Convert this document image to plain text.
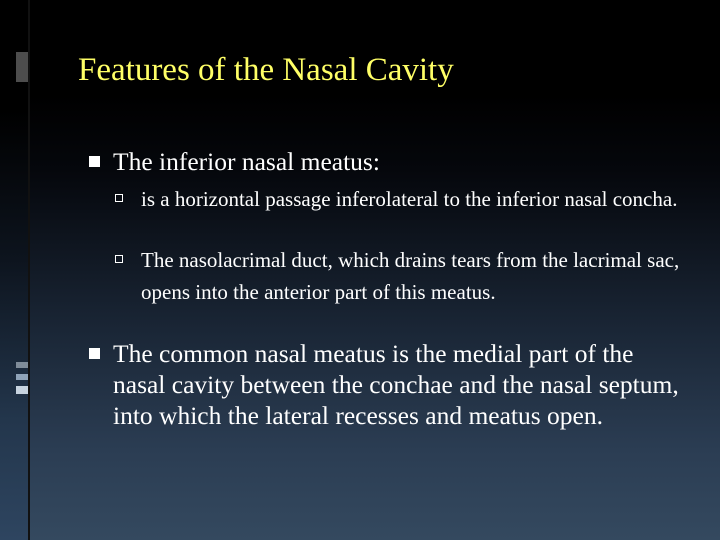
Features of the Nasal Cavity
The inferior nasal meatus:
is a horizontal passage inferolateral to the inferior nasal concha.
The nasolacrimal duct, which drains tears from the lacrimal sac, opens into the anterior part of this meatus.
The common nasal meatus is the medial part of the nasal cavity between the conchae and the nasal septum, into which the lateral recesses and meatus open.
